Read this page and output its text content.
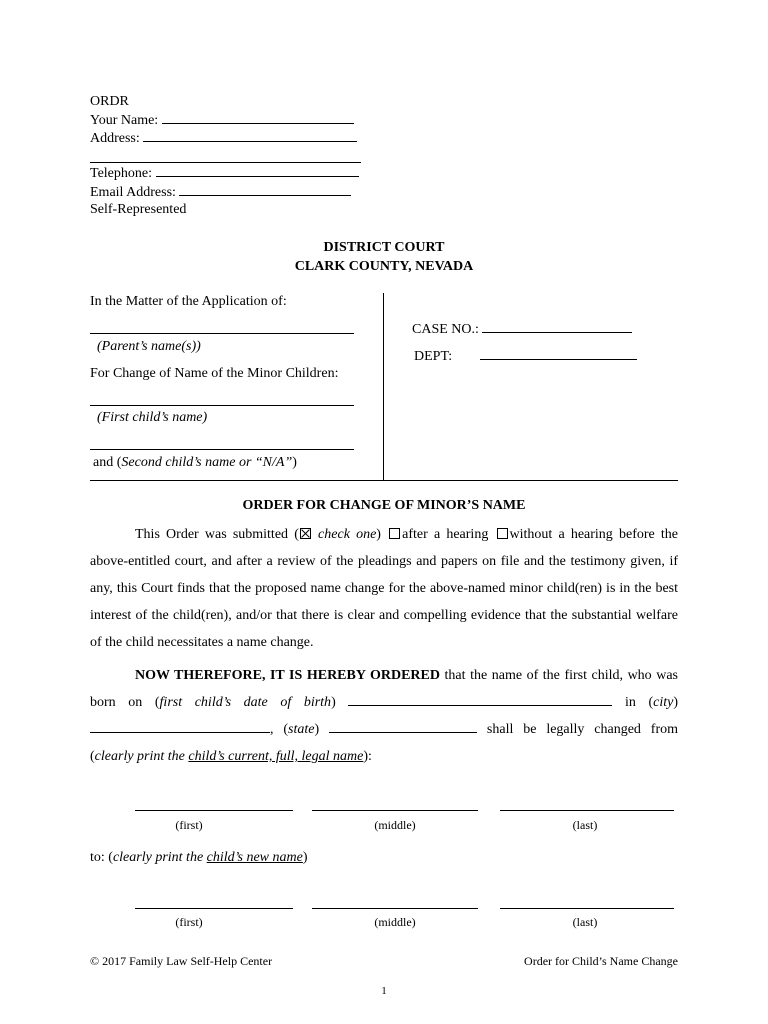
ORDR
Your Name:
Address:
Telephone:
Email Address:
Self-Represented
DISTRICT COURT
CLARK COUNTY, NEVADA
In the Matter of the Application of:
(Parent’s name(s))
For Change of Name of the Minor Children:
(First child’s name)
and (Second child’s name or “N/A”)
CASE NO.:
DEPT:
ORDER FOR CHANGE OF MINOR’S NAME
This Order was submitted ( check one) after a hearing without a hearing before the above-entitled court, and after a review of the pleadings and papers on file and the testimony given, if any, this Court finds that the proposed name change for the above-named minor child(ren) is in the best interest of the child(ren), and/or that there is clear and compelling evidence that the substantial welfare of the child necessitates a name change.
NOW THEREFORE, IT IS HEREBY ORDERED that the name of the first child, who was born on (first child’s date of birth)	in (city) , (state)	shall be legally changed from (clearly print the child’s current, full, legal name):
(first)	(middle)	(last)
to: (clearly print the child’s new name)
(first)	(middle)	(last)
© 2017 Family Law Self-Help Center	Order for Child’s Name Change
1
